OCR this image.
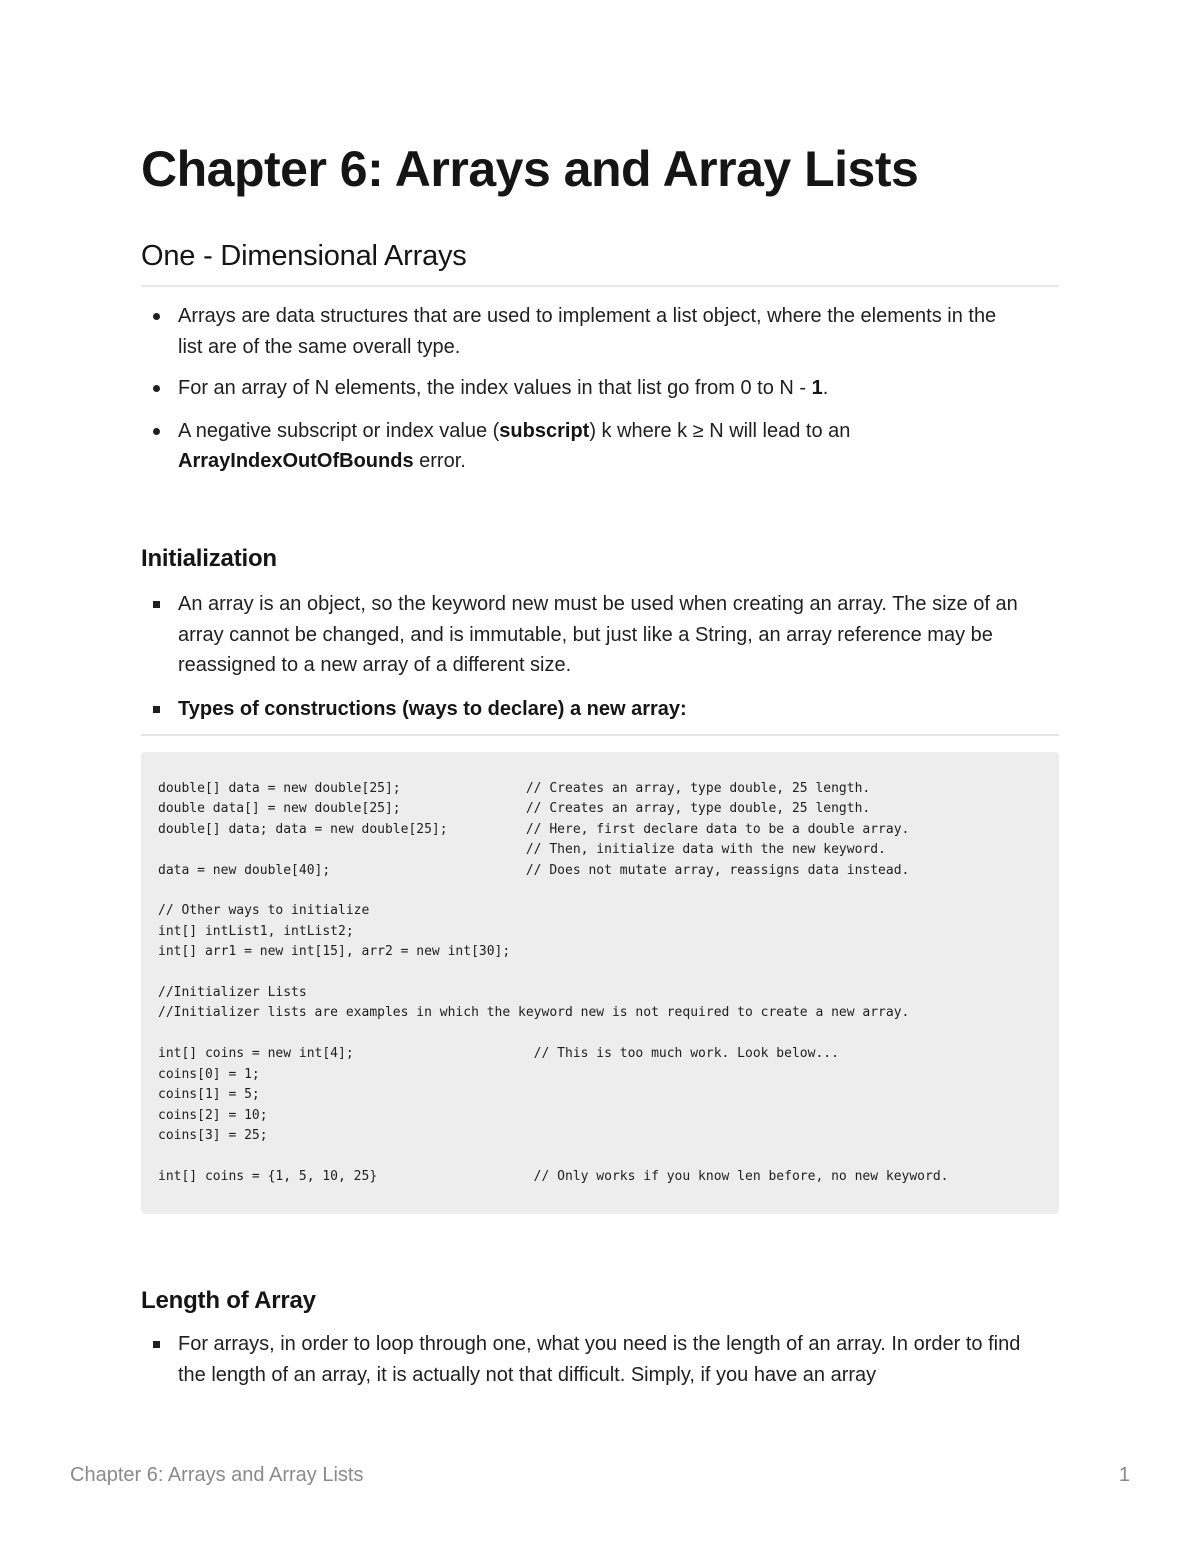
Chapter 6: Arrays and Array Lists
One - Dimensional Arrays
Arrays are data structures that are used to implement a list object, where the elements in the list are of the same overall type.
For an array of N elements, the index values in that list go from 0 to N - 1.
A negative subscript or index value (subscript) k where k ≥ N will lead to an ArrayIndexOutOfBounds error.
Initialization
An array is an object, so the keyword new must be used when creating an array. The size of an array cannot be changed, and is immutable, but just like a String, an array reference may be reassigned to a new array of a different size.
Types of constructions (ways to declare) a new array:
double[] data = new double[25];                // Creates an array, type double, 25 length.
double data[] = new double[25];                // Creates an array, type double, 25 length.
double[] data; data = new double[25];          // Here, first declare data to be a double array.
// Then, initialize data with the new keyword.
data = new double[40];                         // Does not mutate array, reassigns data instead.

// Other ways to initialize
int[] intList1, intList2;
int[] arr1 = new int[15], arr2 = new int[30];

//Initializer Lists
//Initializer lists are examples in which the keyword new is not required to create a new array.

int[] coins = new int[4];                       // This is too much work. Look below...
coins[0] = 1;
coins[1] = 5;
coins[2] = 10;
coins[3] = 25;

int[] coins = {1, 5, 10, 25}                    // Only works if you know len before, no new keyword.
Length of Array
For arrays, in order to loop through one, what you need is the length of an array. In order to find the length of an array, it is actually not that difficult. Simply, if you have an array
Chapter 6: Arrays and Array Lists	1
